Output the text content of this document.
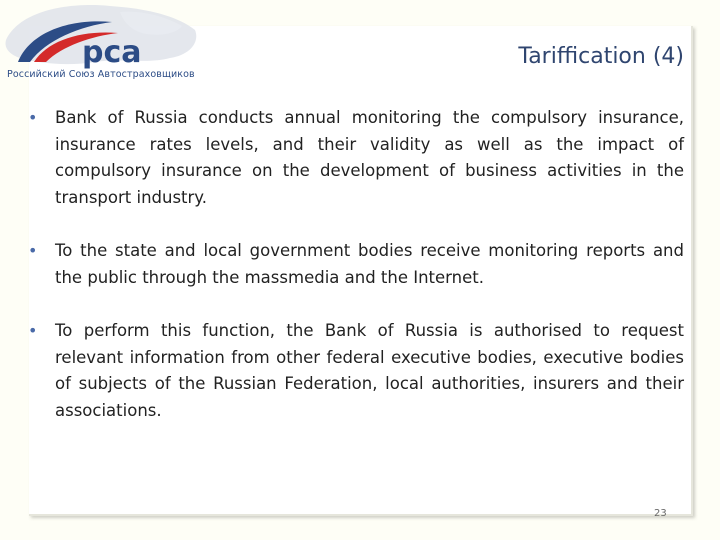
рса
Российский Союз Автостраховщиков
Tariffication (4)
• Bank of Russia conducts annual monitoring the compulsory insurance, insurance rates levels, and their validity as well as the impact of compulsory insurance on the development of business activities in the transport industry.
• To the state and local government bodies receive monitoring reports and the public through the massmedia and the Internet.
• To perform this function, the Bank of Russia is authorised to request relevant information from other federal executive bodies, executive bodies of subjects of the Russian Federation, local authorities, insurers and their associations.
23
